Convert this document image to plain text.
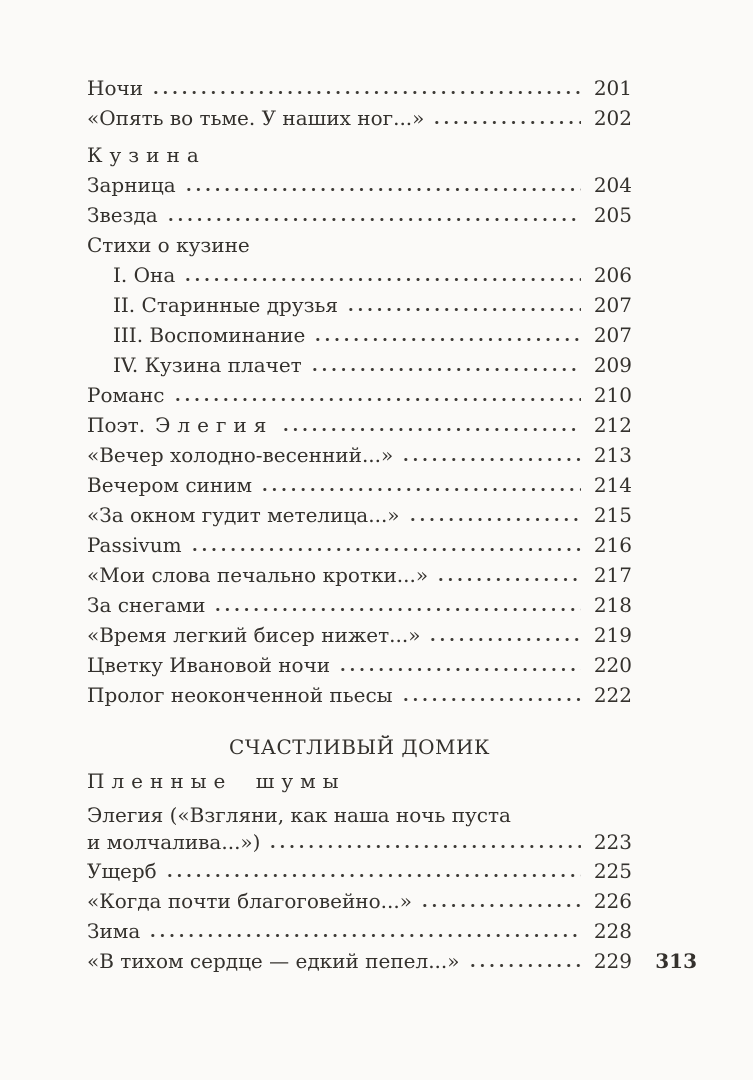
Ночи	201
«Опять во тьме. У наших ног...»	202
Кузина
Зарница	204
Звезда	205
Стихи о кузине
I. Она	206
II. Старинные друзья	207
III. Воспоминание	207
IV. Кузина плачет	209
Романс	210
Поэт. Элегия	212
«Вечер холодно-весенний...»	213
Вечером синим	214
«За окном гудит метелица...»	215
Passivum	216
«Мои слова печально кротки...»	217
За снегами	218
«Время легкий бисер нижет...»	219
Цветку Ивановой ночи	220
Пролог неоконченной пьесы	222
СЧАСТЛИВЫЙ ДОМИК
Пленные шумы
Элегия («Взгляни, как наша ночь пуста
и молчалива...»)	223
Ущерб	225
«Когда почти благоговейно...»	226
Зима	228
«В тихом сердце — едкий пепел...»	229 313
